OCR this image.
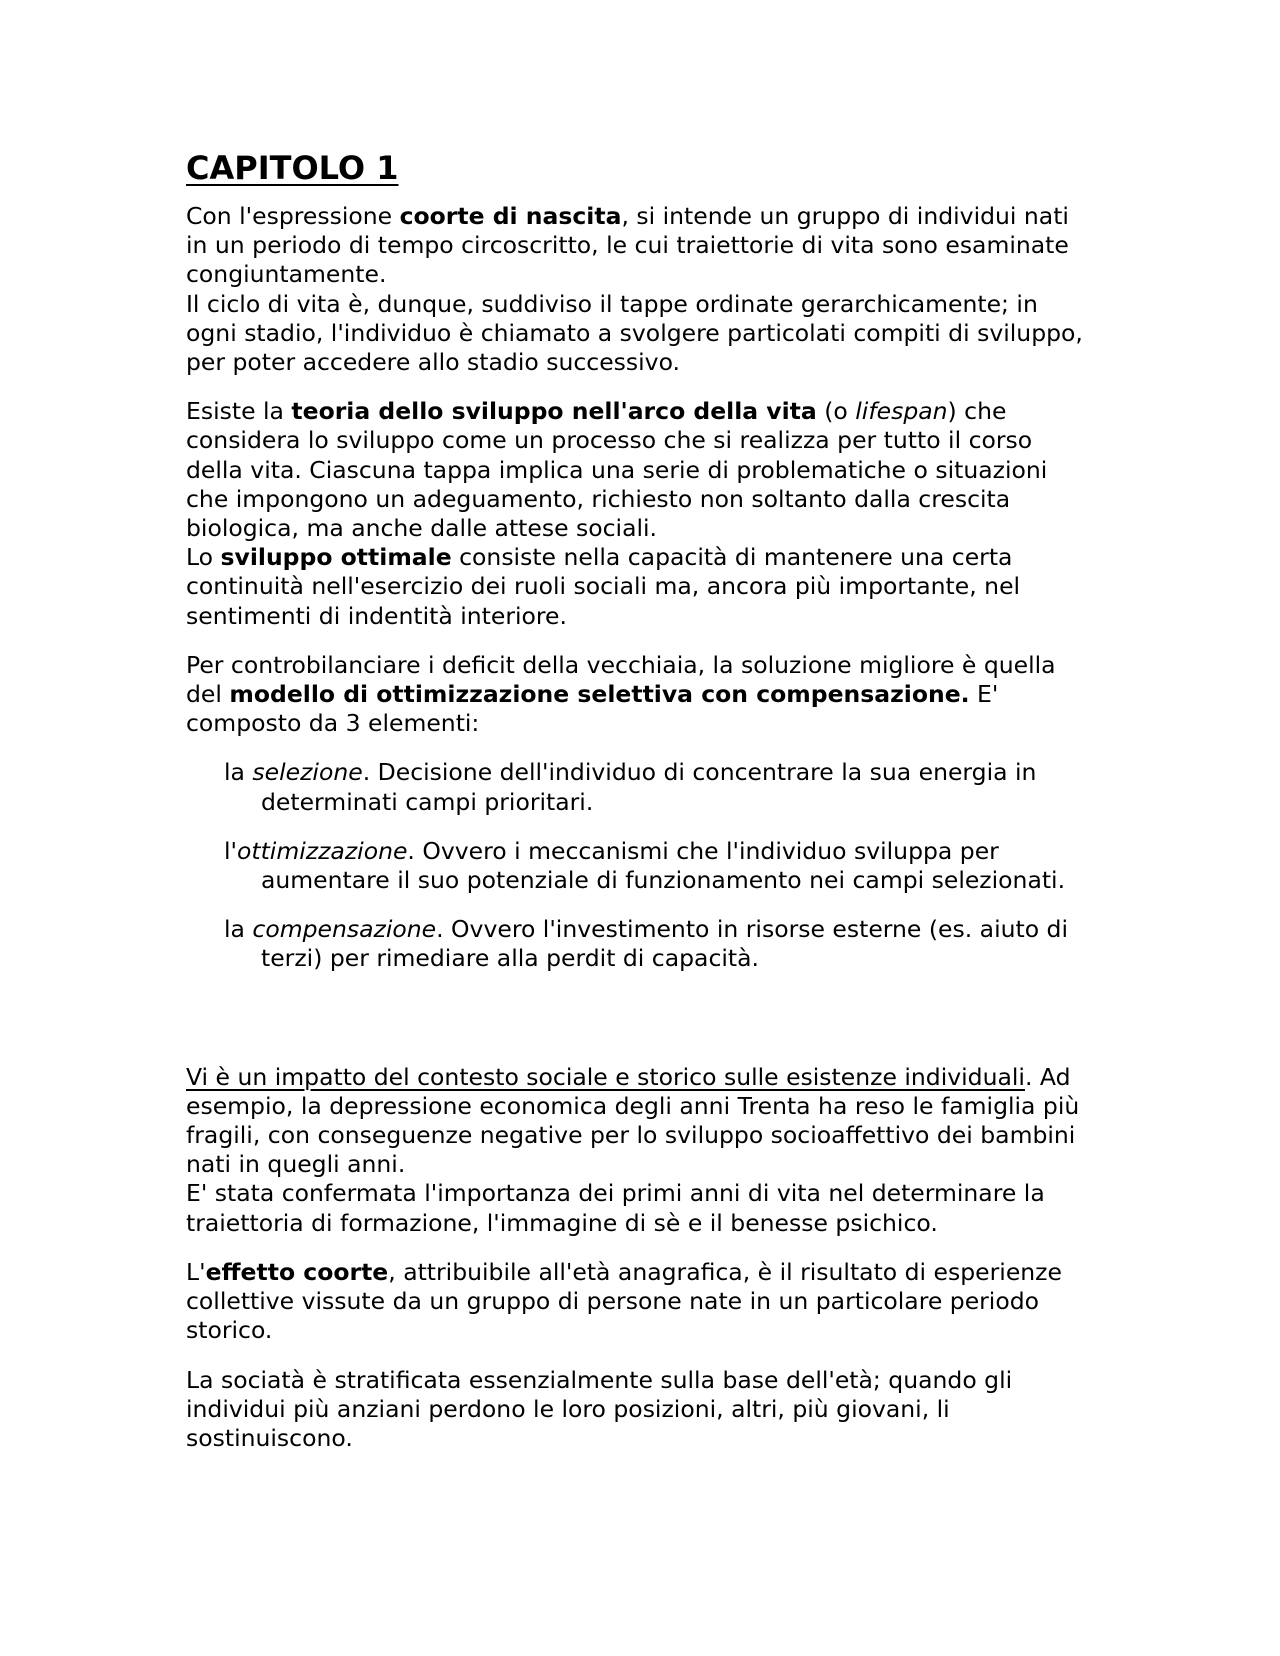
CAPITOLO 1

Con l'espressione coorte di nascita, si intende un gruppo di individui nati in un periodo di tempo circoscritto, le cui traiettorie di vita sono esaminate congiuntamente.

Il ciclo di vita è, dunque, suddiviso il tappe ordinate gerarchicamente; in ogni stadio, l'individuo è chiamato a svolgere particolati compiti di sviluppo, per poter accedere allo stadio successivo.

Esiste la teoria dello sviluppo nell'arco della vita (o lifespan) che considera lo sviluppo come un processo che si realizza per tutto il corso della vita. Ciascuna tappa implica una serie di problematiche o situazioni che impongono un adeguamento, richiesto non soltanto dalla crescita biologica, ma anche dalle attese sociali.

Lo sviluppo ottimale consiste nella capacità di mantenere una certa continuità nell'esercizio dei ruoli sociali ma, ancora più importante, nel sentimenti di indentità interiore.

Per controbilanciare i deficit della vecchiaia, la soluzione migliore è quella del modello di ottimizzazione selettiva con compensazione. E' composto da 3 elementi:

la selezione. Decisione dell'individuo di concentrare la sua energia in determinati campi prioritari.
l'ottimizzazione. Ovvero i meccanismi che l'individuo sviluppa per aumentare il suo potenziale di funzionamento nei campi selezionati.
la compensazione. Ovvero l'investimento in risorse esterne (es. aiuto di terzi) per rimediare alla perdit di capacità.

Vi è un impatto del contesto sociale e storico sulle esistenze individuali. Ad esempio, la depressione economica degli anni Trenta ha reso le famiglia più fragili, con conseguenze negative per lo sviluppo socioaffettivo dei bambini nati in quegli anni.

E' stata confermata l'importanza dei primi anni di vita nel determinare la traiettoria di formazione, l'immagine di sè e il benesse psichico.

L'effetto coorte, attribuibile all'età anagrafica, è il risultato di esperienze collettive vissute da un gruppo di persone nate in un particolare periodo storico.

La sociatà è stratificata essenzialmente sulla base dell'età; quando gli individui più anziani perdono le loro posizioni, altri, più giovani, li sostinuiscono.
